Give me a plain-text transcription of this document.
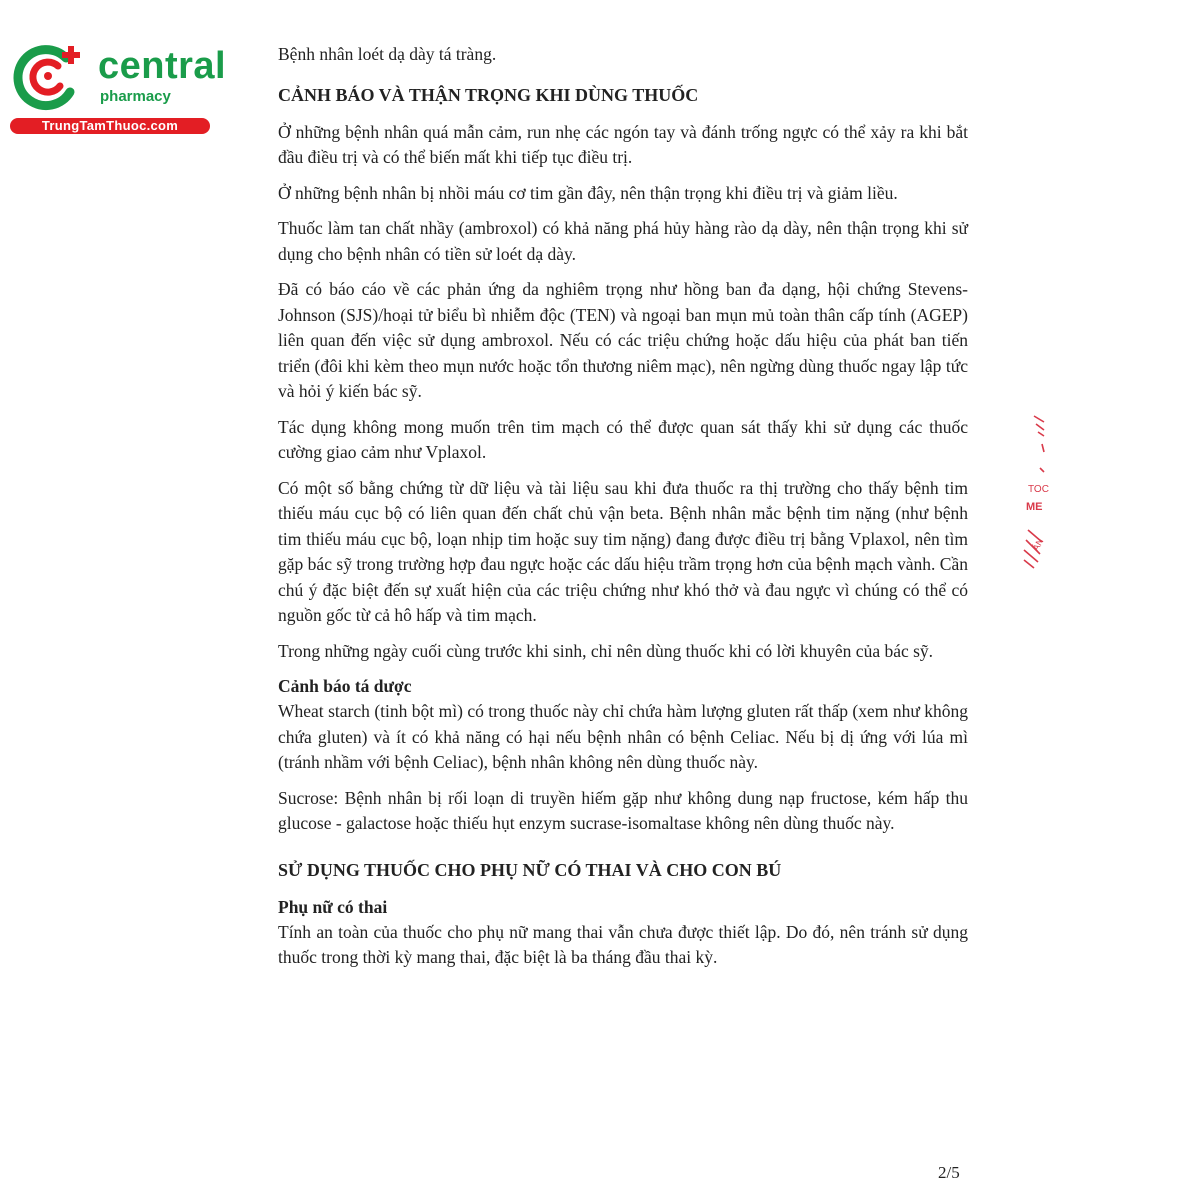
central
pharmacy
TrungTamThuoc.com
TOC
ME
ÁN

Bệnh nhân loét dạ dày tá tràng.

CẢNH BÁO VÀ THẬN TRỌNG KHI DÙNG THUỐC

Ở những bệnh nhân quá mẫn cảm, run nhẹ các ngón tay và đánh trống ngực có thể xảy ra khi bắt đầu điều trị và có thể biến mất khi tiếp tục điều trị.

Ở những bệnh nhân bị nhồi máu cơ tim gần đây, nên thận trọng khi điều trị và giảm liều.

Thuốc làm tan chất nhầy (ambroxol) có khả năng phá hủy hàng rào dạ dày, nên thận trọng khi sử dụng cho bệnh nhân có tiền sử loét dạ dày.

Đã có báo cáo về các phản ứng da nghiêm trọng như hồng ban đa dạng, hội chứng Stevens-Johnson (SJS)/hoại tử biểu bì nhiễm độc (TEN) và ngoại ban mụn mủ toàn thân cấp tính (AGEP) liên quan đến việc sử dụng ambroxol. Nếu có các triệu chứng hoặc dấu hiệu của phát ban tiến triển (đôi khi kèm theo mụn nước hoặc tổn thương niêm mạc), nên ngừng dùng thuốc ngay lập tức và hỏi ý kiến bác sỹ.

Tác dụng không mong muốn trên tim mạch có thể được quan sát thấy khi sử dụng các thuốc cường giao cảm như Vplaxol.

Có một số bằng chứng từ dữ liệu và tài liệu sau khi đưa thuốc ra thị trường cho thấy bệnh tim thiếu máu cục bộ có liên quan đến chất chủ vận beta. Bệnh nhân mắc bệnh tim nặng (như bệnh tim thiếu máu cục bộ, loạn nhịp tim hoặc suy tim nặng) đang được điều trị bằng Vplaxol, nên tìm gặp bác sỹ trong trường hợp đau ngực hoặc các dấu hiệu trầm trọng hơn của bệnh mạch vành. Cần chú ý đặc biệt đến sự xuất hiện của các triệu chứng như khó thở và đau ngực vì chúng có thể có nguồn gốc từ cả hô hấp và tim mạch.

Trong những ngày cuối cùng trước khi sinh, chỉ nên dùng thuốc khi có lời khuyên của bác sỹ.

Cảnh báo tá dược

Wheat starch (tinh bột mì) có trong thuốc này chỉ chứa hàm lượng gluten rất thấp (xem như không chứa gluten) và ít có khả năng có hại nếu bệnh nhân có bệnh Celiac. Nếu bị dị ứng với lúa mì (tránh nhầm với bệnh Celiac), bệnh nhân không nên dùng thuốc này.

Sucrose: Bệnh nhân bị rối loạn di truyền hiếm gặp như không dung nạp fructose, kém hấp thu glucose - galactose hoặc thiếu hụt enzym sucrase-isomaltase không nên dùng thuốc này.

SỬ DỤNG THUỐC CHO PHỤ NỮ CÓ THAI VÀ CHO CON BÚ
Phụ nữ có thai

Tính an toàn của thuốc cho phụ nữ mang thai vẫn chưa được thiết lập. Do đó, nên tránh sử dụng thuốc trong thời kỳ mang thai, đặc biệt là ba tháng đầu thai kỳ.

2/5
